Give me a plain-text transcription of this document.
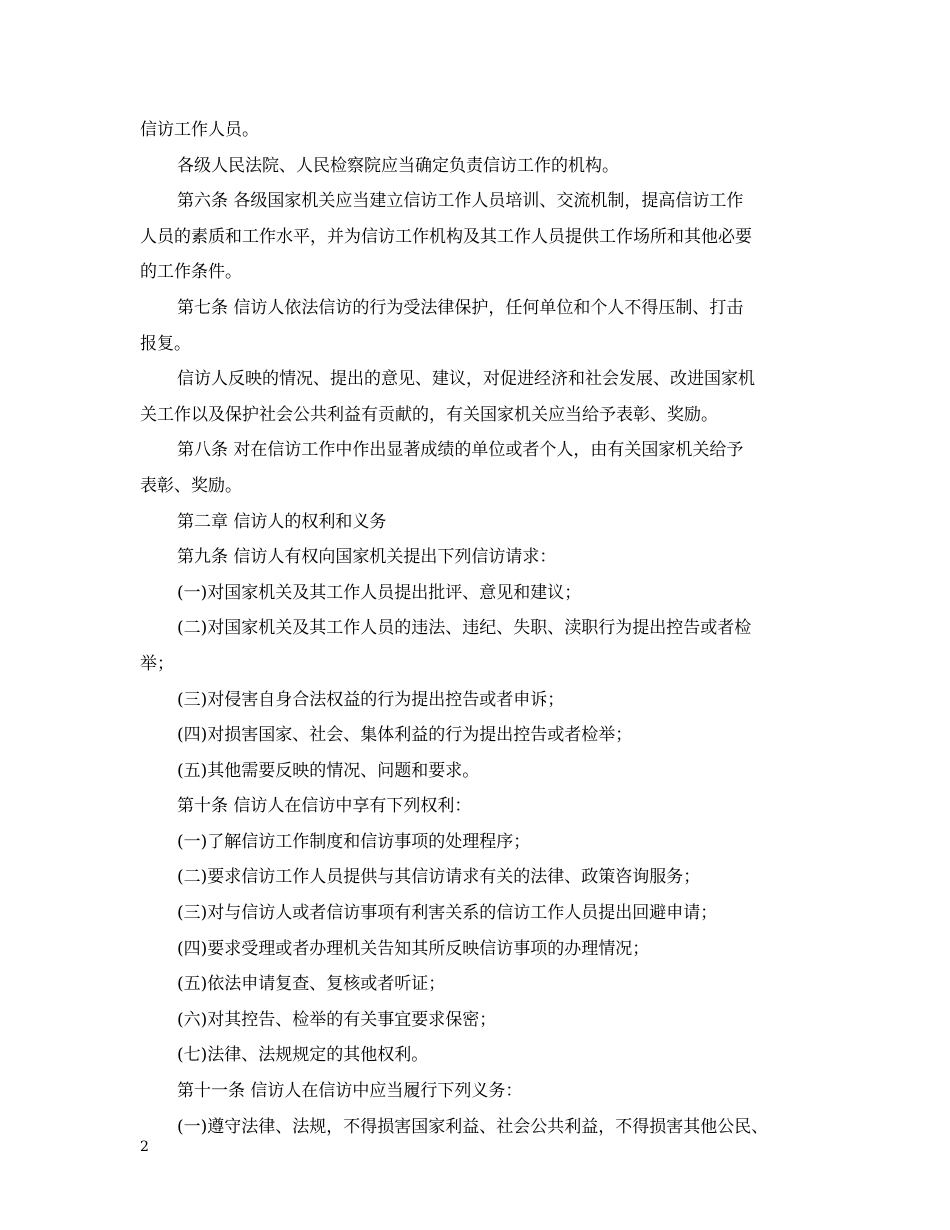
信访工作人员。
各级人民法院、人民检察院应当确定负责信访工作的机构。
第六条 各级国家机关应当建立信访工作人员培训、交流机制，提高信访工作
人员的素质和工作水平，并为信访工作机构及其工作人员提供工作场所和其他必要
的工作条件。
第七条 信访人依法信访的行为受法律保护，任何单位和个人不得压制、打击
报复。
信访人反映的情况、提出的意见、建议，对促进经济和社会发展、改进国家机
关工作以及保护社会公共利益有贡献的，有关国家机关应当给予表彰、奖励。
第八条 对在信访工作中作出显著成绩的单位或者个人，由有关国家机关给予
表彰、奖励。
第二章 信访人的权利和义务
第九条 信访人有权向国家机关提出下列信访请求：
(一)对国家机关及其工作人员提出批评、意见和建议；
(二)对国家机关及其工作人员的违法、违纪、失职、渎职行为提出控告或者检
举；
(三)对侵害自身合法权益的行为提出控告或者申诉；
(四)对损害国家、社会、集体利益的行为提出控告或者检举；
(五)其他需要反映的情况、问题和要求。
第十条 信访人在信访中享有下列权利：
(一)了解信访工作制度和信访事项的处理程序；
(二)要求信访工作人员提供与其信访请求有关的法律、政策咨询服务；
(三)对与信访人或者信访事项有利害关系的信访工作人员提出回避申请；
(四)要求受理或者办理机关告知其所反映信访事项的办理情况；
(五)依法申请复查、复核或者听证；
(六)对其控告、检举的有关事宜要求保密；
(七)法律、法规规定的其他权利。
第十一条 信访人在信访中应当履行下列义务：
(一)遵守法律、法规，不得损害国家利益、社会公共利益，不得损害其他公民、
2
